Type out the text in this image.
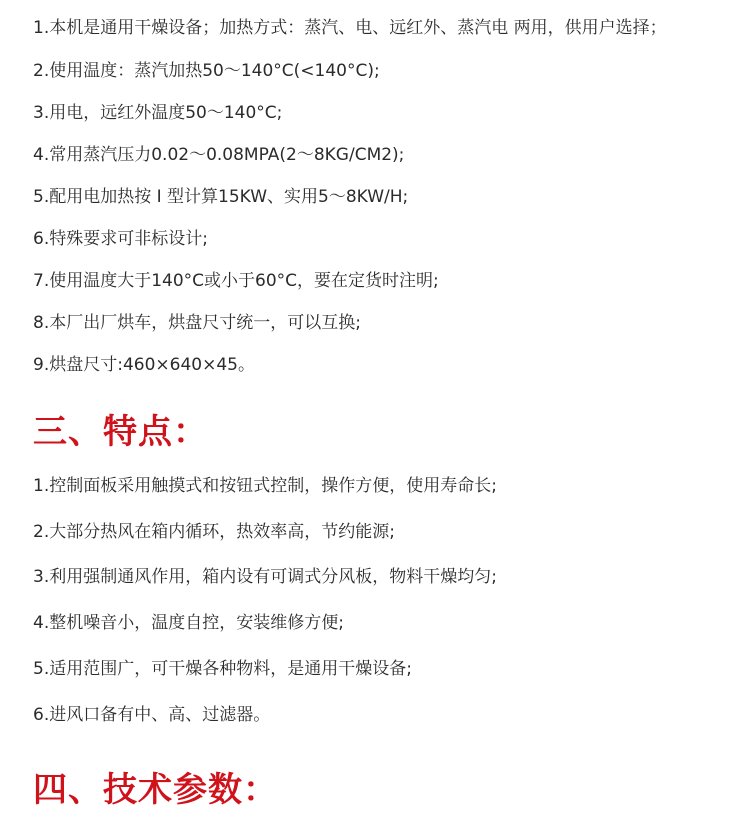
1.本机是通用干燥设备；加热方式：蒸汽、电、远红外、蒸汽电 两用，供用户选择；
2.使用温度：蒸汽加热50～140°C(<140°C);
3.用电，远红外温度50～140°C;
4.常用蒸汽压力0.02～0.08MPA(2～8KG/CM2);
5.配用电加热按 I 型计算15KW、实用5～8KW/H;
6.特殊要求可非标设计;
7.使用温度大于140°C或小于60°C，要在定货时注明;
8.本厂出厂烘车，烘盘尺寸统一，可以互换;
9.烘盘尺寸:460×640×45。
三、特点：
1.控制面板采用触摸式和按钮式控制，操作方便，使用寿命长;
2.大部分热风在箱内循环，热效率高，节约能源;
3.利用强制通风作用，箱内设有可调式分风板，物料干燥均匀;
4.整机噪音小，温度自控，安装维修方便;
5.适用范围广，可干燥各种物料，是通用干燥设备;
6.进风口备有中、高、过滤器。
四、技术参数：
